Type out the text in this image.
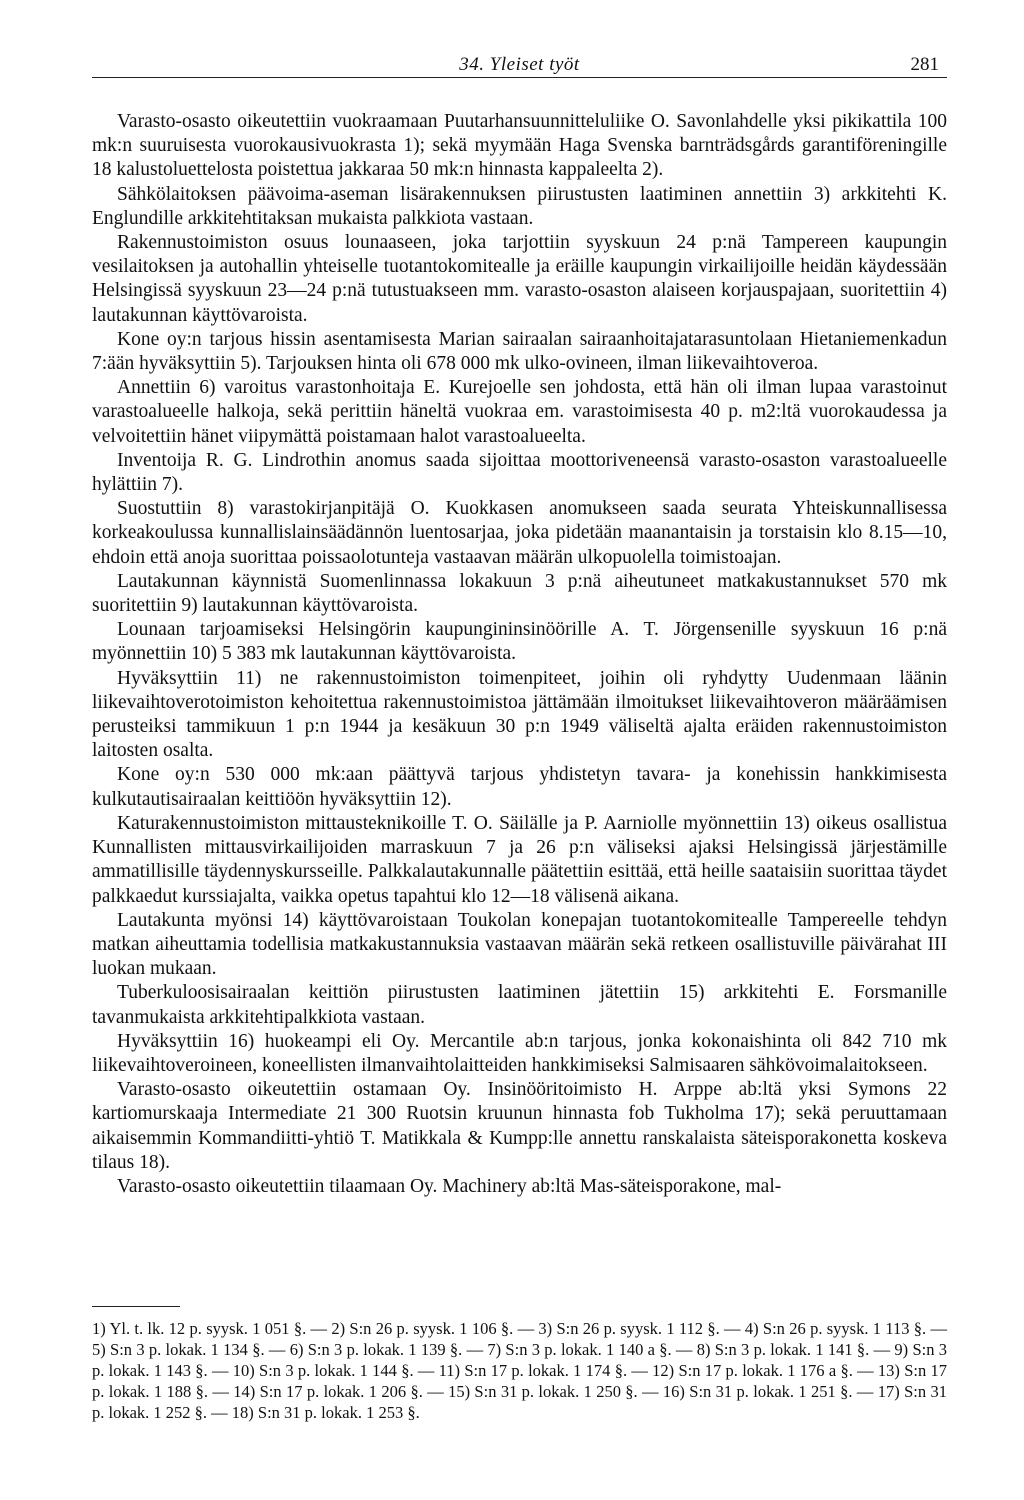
34. Yleiset työt	281

Varasto-osasto oikeutettiin vuokraamaan Puutarhansuunnitteluliike O. Savonlahdelle yksi pikikattila 100 mk:n suuruisesta vuorokausivuokrasta 1); sekä myymään Haga Svenska barnträdsgårds garantiföreningille 18 kalustoluettelosta poistettua jakkaraa 50 mk:n hinnasta kappaleelta 2).

Sähkölaitoksen päävoima-aseman lisärakennuksen piirustusten laatiminen annettiin 3) arkkitehti K. Englundille arkkitehtitaksan mukaista palkkiota vastaan.

Rakennustoimiston osuus lounaaseen, joka tarjottiin syyskuun 24 p:nä Tampereen kaupungin vesilaitoksen ja autohallin yhteiselle tuotantokomitealle ja eräille kaupungin virkailijoille heidän käydessään Helsingissä syyskuun 23—24 p:nä tutustuakseen mm. varasto-osaston alaiseen korjauspajaan, suoritettiin 4) lautakunnan käyttövaroista.

Kone oy:n tarjous hissin asentamisesta Marian sairaalan sairaanhoitajatarasuntolaan Hietaniemenkadun 7:ään hyväksyttiin 5). Tarjouksen hinta oli 678 000 mk ulko-ovineen, ilman liikevaihtoveroa.

Annettiin 6) varoitus varastonhoitaja E. Kurejoelle sen johdosta, että hän oli ilman lupaa varastoinut varastoalueelle halkoja, sekä perittiin häneltä vuokraa em. varastoimisesta 40 p. m2:ltä vuorokaudessa ja velvoitettiin hänet viipymättä poistamaan halot varastoalueelta.

Inventoija R. G. Lindrothin anomus saada sijoittaa moottoriveneensä varasto-osaston varastoalueelle hylättiin 7).

Suostuttiin 8) varastokirjanpitäjä O. Kuokkasen anomukseen saada seurata Yhteiskunnallisessa korkeakoulussa kunnallislainsäädännön luentosarjaa, joka pidetään maanantaisin ja torstaisin klo 8.15—10, ehdoin että anoja suorittaa poissaolotunteja vastaavan määrän ulkopuolella toimistoajan.

Lautakunnan käynnistä Suomenlinnassa lokakuun 3 p:nä aiheutuneet matkakustannukset 570 mk suoritettiin 9) lautakunnan käyttövaroista.

Lounaan tarjoamiseksi Helsingörin kaupungininsinöörille A. T. Jörgensenille syyskuun 16 p:nä myönnettiin 10) 5 383 mk lautakunnan käyttövaroista.

Hyväksyttiin 11) ne rakennustoimiston toimenpiteet, joihin oli ryhdytty Uudenmaan läänin liikevaihtoverotoimiston kehoitettua rakennustoimistoa jättämään ilmoitukset liikevaihtoveron määräämisen perusteiksi tammikuun 1 p:n 1944 ja kesäkuun 30 p:n 1949 väliseltä ajalta eräiden rakennustoimiston laitosten osalta.

Kone oy:n 530 000 mk:aan päättyvä tarjous yhdistetyn tavara- ja konehissin hankkimisesta kulkutautisairaalan keittiöön hyväksyttiin 12).

Katurakennustoimiston mittausteknikoille T. O. Säilälle ja P. Aarniolle myönnettiin 13) oikeus osallistua Kunnallisten mittausvirkailijoiden marraskuun 7 ja 26 p:n väliseksi ajaksi Helsingissä järjestämille ammatillisille täydennyskursseille. Palkkalautakunnalle päätettiin esittää, että heille saataisiin suorittaa täydet palkkaedut kurssiajalta, vaikka opetus tapahtui klo 12—18 välisenä aikana.

Lautakunta myönsi 14) käyttövaroistaan Toukolan konepajan tuotantokomitealle Tampereelle tehdyn matkan aiheuttamia todellisia matkakustannuksia vastaavan määrän sekä retkeen osallistuville päivärahat III luokan mukaan.

Tuberkuloosisairaalan keittiön piirustusten laatiminen jätettiin 15) arkkitehti E. Forsmanille tavanmukaista arkkitehtipalkkiota vastaan.

Hyväksyttiin 16) huokeampi eli Oy. Mercantile ab:n tarjous, jonka kokonaishinta oli 842 710 mk liikevaihtoveroineen, koneellisten ilmanvaihtolaitteiden hankkimiseksi Salmisaaren sähkövoimalaitokseen.

Varasto-osasto oikeutettiin ostamaan Oy. Insinööritoimisto H. Arppe ab:ltä yksi Symons 22 kartiomurskaaja Intermediate 21 300 Ruotsin kruunun hinnasta fob Tukholma 17); sekä peruuttamaan aikaisemmin Kommandiitti-yhtiö T. Matikkala & Kumpp:lle annettu ranskalaista säteisporakonetta koskeva tilaus 18).

Varasto-osasto oikeutettiin tilaamaan Oy. Machinery ab:ltä Mas-säteisporakone, mal-

1) Yl. t. lk. 12 p. syysk. 1 051 §. — 2) S:n 26 p. syysk. 1 106 §. — 3) S:n 26 p. syysk. 1 112 §. — 4) S:n 26 p. syysk. 1 113 §. — 5) S:n 3 p. lokak. 1 134 §. — 6) S:n 3 p. lokak. 1 139 §. — 7) S:n 3 p. lokak. 1 140 a §. — 8) S:n 3 p. lokak. 1 141 §. — 9) S:n 3 p. lokak. 1 143 §. — 10) S:n 3 p. lokak. 1 144 §. — 11) S:n 17 p. lokak. 1 174 §. — 12) S:n 17 p. lokak. 1 176 a §. — 13) S:n 17 p. lokak. 1 188 §. — 14) S:n 17 p. lokak. 1 206 §. — 15) S:n 31 p. lokak. 1 250 §. — 16) S:n 31 p. lokak. 1 251 §. — 17) S:n 31 p. lokak. 1 252 §. — 18) S:n 31 p. lokak. 1 253 §.
